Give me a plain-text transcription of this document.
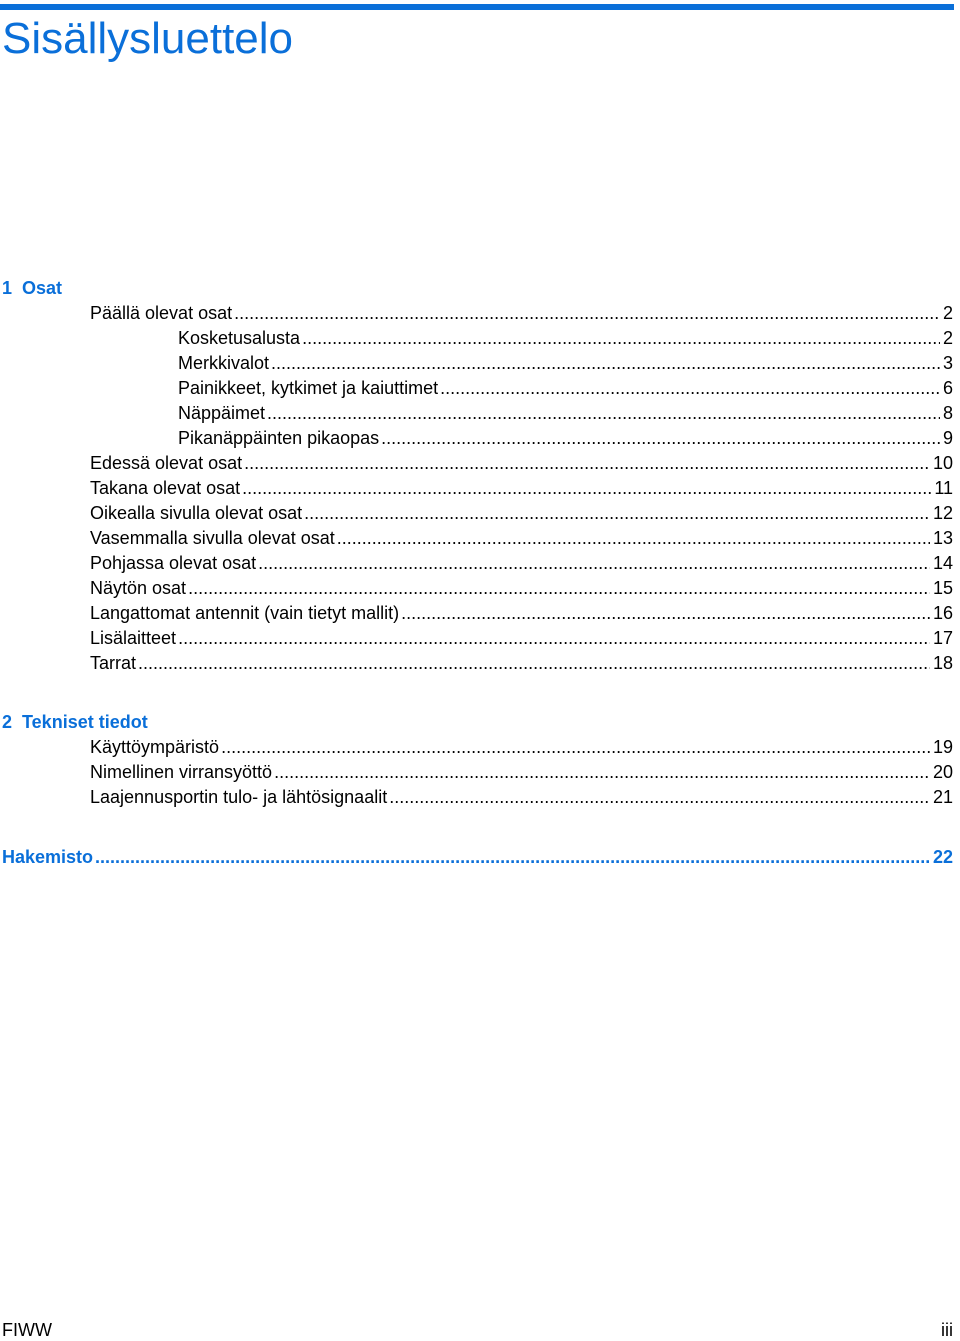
Sisällysluettelo
1 Osat
Päällä olevat osat .....	2
Kosketusalusta .....	2
Merkkivalot .....	3
Painikkeet, kytkimet ja kaiuttimet .....	6
Näppäimet .....	8
Pikanäppäinten pikaopas .....	9
Edessä olevat osat .....	10
Takana olevat osat .....	11
Oikealla sivulla olevat osat .....	12
Vasemmalla sivulla olevat osat .....	13
Pohjassa olevat osat .....	14
Näytön osat .....	15
Langattomat antennit (vain tietyt mallit) .....	16
Lisälaitteet .....	17
Tarrat .....	18
2 Tekniset tiedot
Käyttöympäristö .....	19
Nimellinen virransyöttö .....	20
Laajennusportin tulo- ja lähtösignaalit .....	21
Hakemisto .....	22
FIWW	iii
